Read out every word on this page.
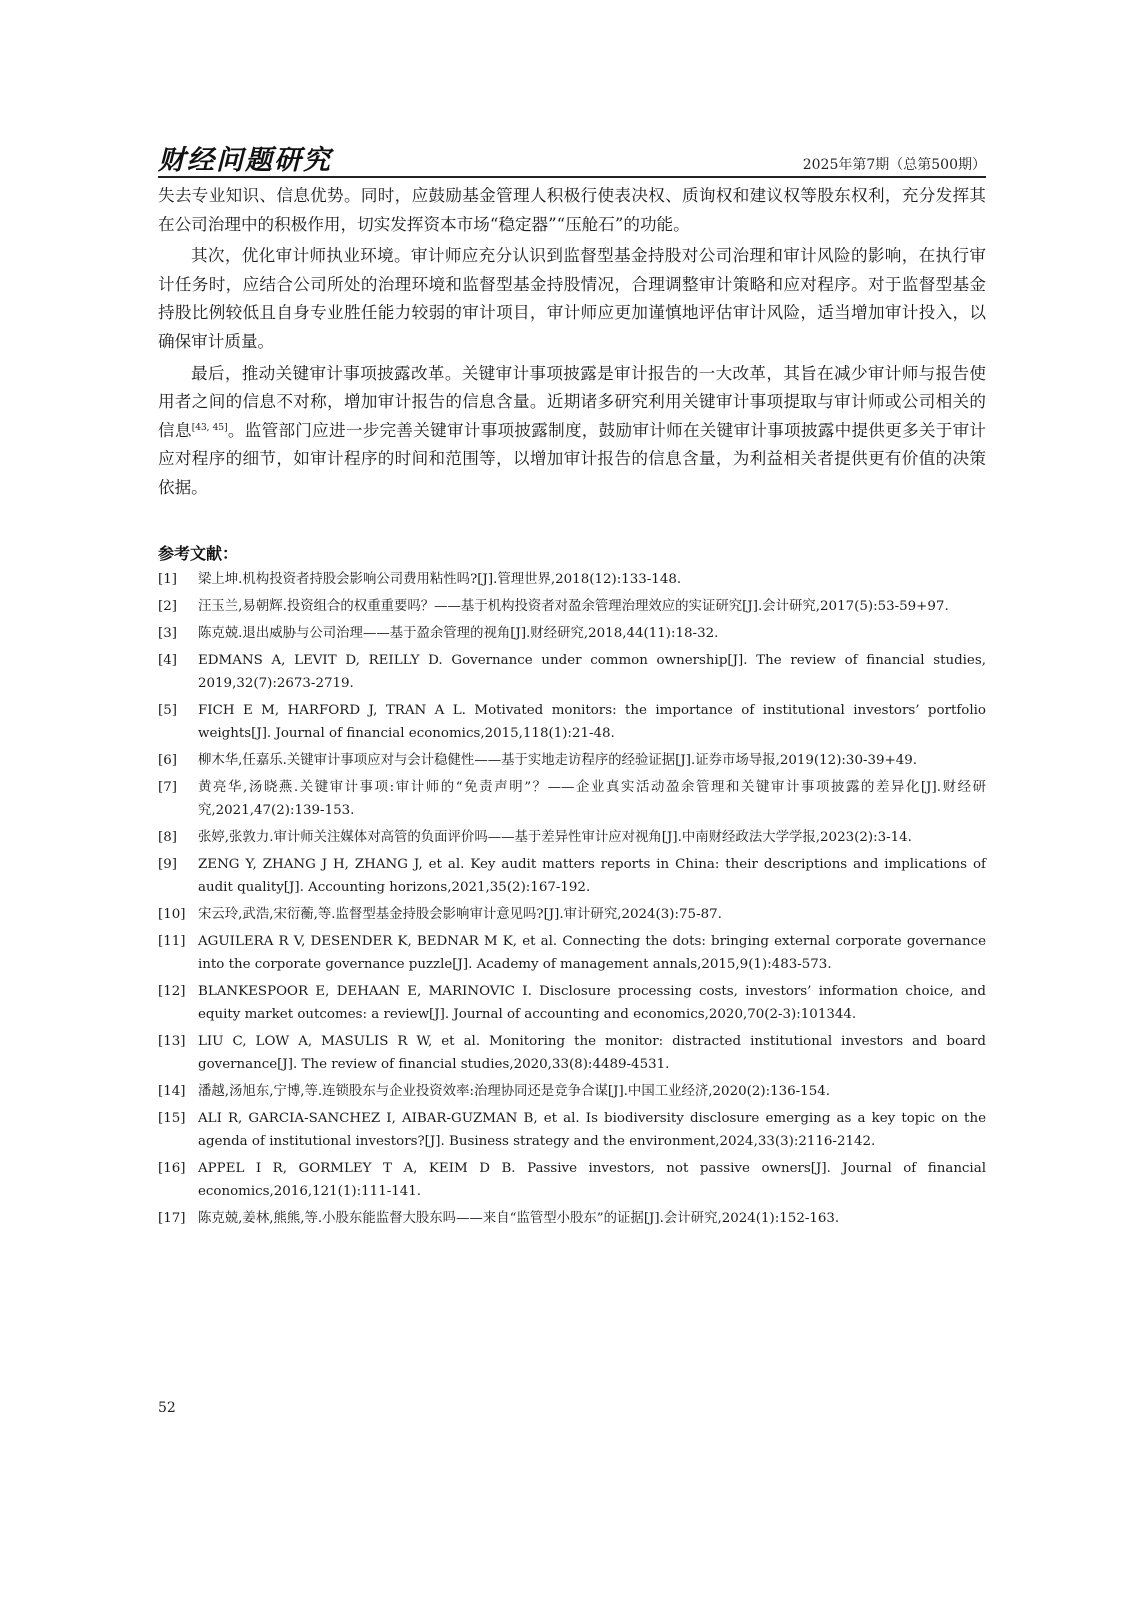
财经问题研究	2025年第7期（总第500期）

失去专业知识、信息优势。同时，应鼓励基金管理人积极行使表决权、质询权和建议权等股东权利，充分发挥其在公司治理中的积极作用，切实发挥资本市场“稳定器”“压舱石”的功能。

其次，优化审计师执业环境。审计师应充分认识到监督型基金持股对公司治理和审计风险的影响，在执行审计任务时，应结合公司所处的治理环境和监督型基金持股情况，合理调整审计策略和应对程序。对于监督型基金持股比例较低且自身专业胜任能力较弱的审计项目，审计师应更加谨慎地评估审计风险，适当增加审计投入，以确保审计质量。

最后，推动关键审计事项披露改革。关键审计事项披露是审计报告的一大改革，其旨在减少审计师与报告使用者之间的信息不对称，增加审计报告的信息含量。近期诸多研究利用关键审计事项提取与审计师或公司相关的信息[43, 45]。监管部门应进一步完善关键审计事项披露制度，鼓励审计师在关键审计事项披露中提供更多关于审计应对程序的细节，如审计程序的时间和范围等，以增加审计报告的信息含量，为利益相关者提供更有价值的决策依据。

参考文献：
[1]	梁上坤.机构投资者持股会影响公司费用粘性吗?[J].管理世界,2018(12):133-148.
[2]	汪玉兰,易朝辉.投资组合的权重重要吗？——基于机构投资者对盈余管理治理效应的实证研究[J].会计研究,2017(5):53-59+97.
[3]	陈克兢.退出威胁与公司治理——基于盈余管理的视角[J].财经研究,2018,44(11):18-32.
[4]	EDMANS A, LEVIT D, REILLY D. Governance under common ownership[J]. The review of financial studies, 2019,32(7):2673-2719.
[5]	FICH E M, HARFORD J, TRAN A L. Motivated monitors: the importance of institutional investors’ portfolio weights[J]. Journal of financial economics,2015,118(1):21-48.
[6]	柳木华,任嘉乐.关键审计事项应对与会计稳健性——基于实地走访程序的经验证据[J].证券市场导报,2019(12):30-39+49.
[7]	黄亮华,汤晓燕.关键审计事项:审计师的“免责声明”？——企业真实活动盈余管理和关键审计事项披露的差异化[J].财经研究,2021,47(2):139-153.
[8]	张婷,张敦力.审计师关注媒体对高管的负面评价吗——基于差异性审计应对视角[J].中南财经政法大学学报,2023(2):3-14.
[9]	ZENG Y, ZHANG J H, ZHANG J, et al. Key audit matters reports in China: their descriptions and implications of audit quality[J]. Accounting horizons,2021,35(2):167-192.
[10] 宋云玲,武浩,宋衍蘅,等.监督型基金持股会影响审计意见吗?[J].审计研究,2024(3):75-87.
[11] AGUILERA R V, DESENDER K, BEDNAR M K, et al. Connecting the dots: bringing external corporate governance into the corporate governance puzzle[J]. Academy of management annals,2015,9(1):483-573.
[12] BLANKESPOOR E, DEHAAN E, MARINOVIC I. Disclosure processing costs, investors’ information choice, and equity market outcomes: a review[J]. Journal of accounting and economics,2020,70(2-3):101344.
[13] LIU C, LOW A, MASULIS R W, et al. Monitoring the monitor: distracted institutional investors and board governance[J]. The review of financial studies,2020,33(8):4489-4531.
[14] 潘越,汤旭东,宁博,等.连锁股东与企业投资效率:治理协同还是竞争合谋[J].中国工业经济,2020(2):136-154.
[15] ALI R, GARCIA-SANCHEZ I, AIBAR-GUZMAN B, et al. Is biodiversity disclosure emerging as a key topic on the agenda of institutional investors?[J]. Business strategy and the environment,2024,33(3):2116-2142.
[16] APPEL I R, GORMLEY T A, KEIM D B. Passive investors, not passive owners[J]. Journal of financial economics,2016,121(1):111-141.
[17] 陈克兢,姜林,熊熊,等.小股东能监督大股东吗——来自“监管型小股东”的证据[J].会计研究,2024(1):152-163.
52
